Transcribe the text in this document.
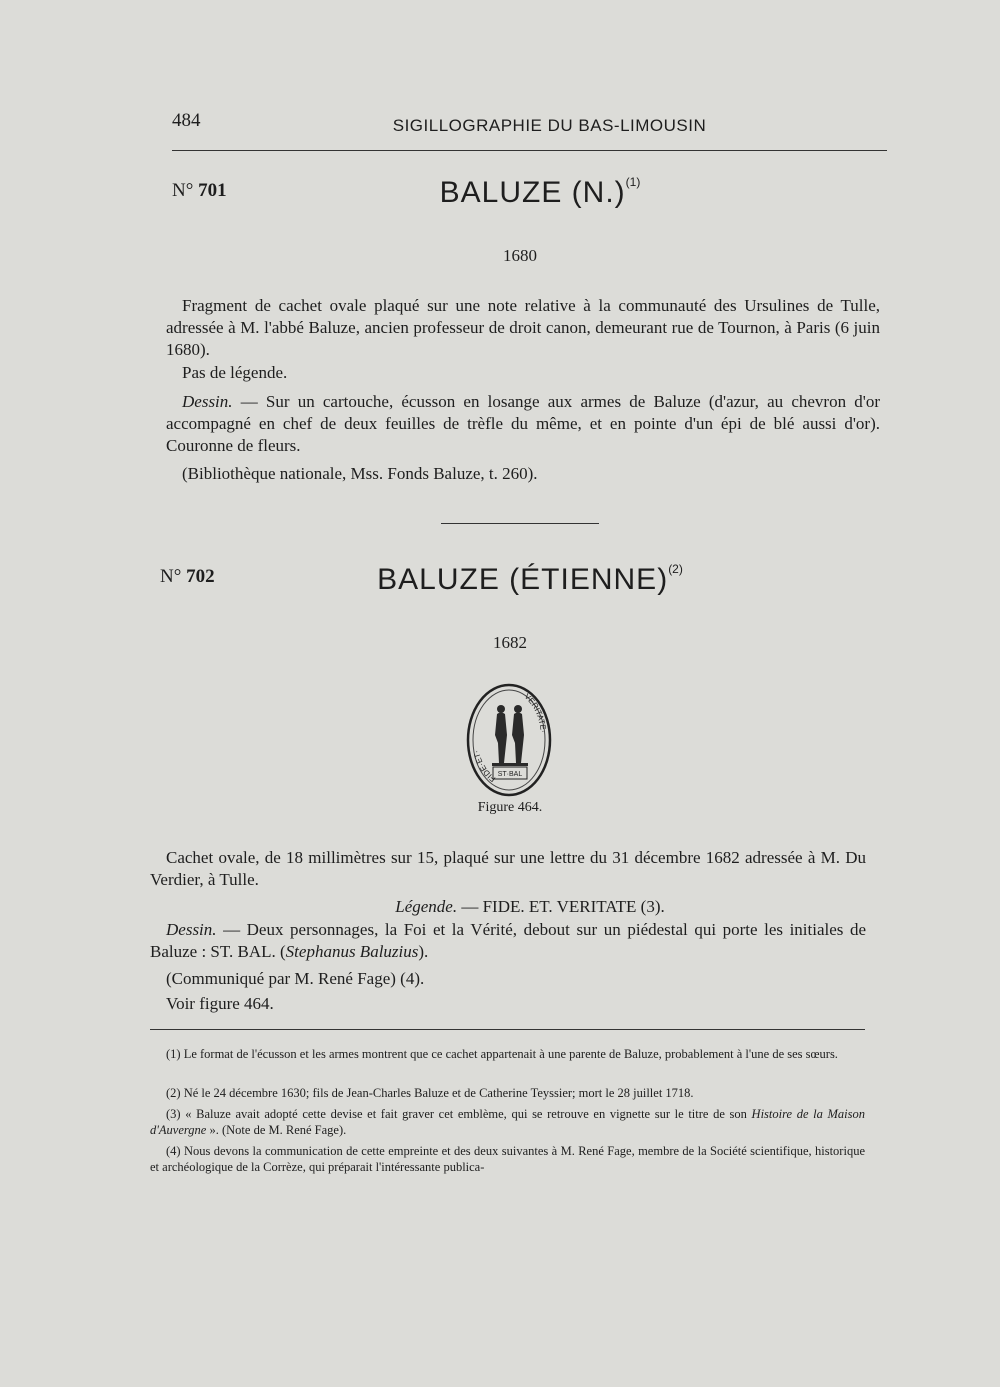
484	SIGILLOGRAPHIE DU BAS-LIMOUSIN
N° 701	BALUZE $(N.)^{(1)}$
1680
Fragment de cachet ovale plaqué sur une note relative à la communauté des Ursulines de Tulle, adressée à M. l'abbé Baluze, ancien professeur de droit canon, demeurant rue de Tournon, à Paris (6 juin 1680).
Pas de légende.
Dessin. — Sur un cartouche, écusson en losange aux armes de Baluze (d'azur, au chevron d'or accompagné en chef de deux feuilles de trèfle du même, et en pointe d'un épi de blé aussi d'or). Couronne de fleurs.
(Bibliothèque nationale, Mss. Fonds Baluze, t. 260).
N° 702	BALUZE (ÉTIENNE)$^{(2)}$
1682
ST·BAL
FIDE·ET·
VERITATE·
Figure 464.
Cachet ovale, de 18 millimètres sur 15, plaqué sur une lettre du 31 décembre 1682 adressée à M. Du Verdier, à Tulle.
Légende. — FIDE. ET. VERITATE (3).
Dessin. — Deux personnages, la Foi et la Vérité, debout sur un piédestal qui porte les initiales de Baluze : ST. BAL. (Stephanus Baluzius).
(Communiqué par M. René Fage) (4).
Voir figure 464.
(1) Le format de l'écusson et les armes montrent que ce cachet appartenait à une parente de Baluze, probablement à l'une de ses sœurs.
(2) Né le 24 décembre 1630; fils de Jean-Charles Baluze et de Catherine Teyssier; mort le 28 juillet 1718.
(3) « Baluze avait adopté cette devise et fait graver cet emblème, qui se retrouve en vignette sur le titre de son Histoire de la Maison d'Auvergne ». (Note de M. René Fage).
(4) Nous devons la communication de cette empreinte et des deux suivantes à M. René Fage, membre de la Société scientifique, historique et archéologique de la Corrèze, qui préparait l'intéressante publica-
